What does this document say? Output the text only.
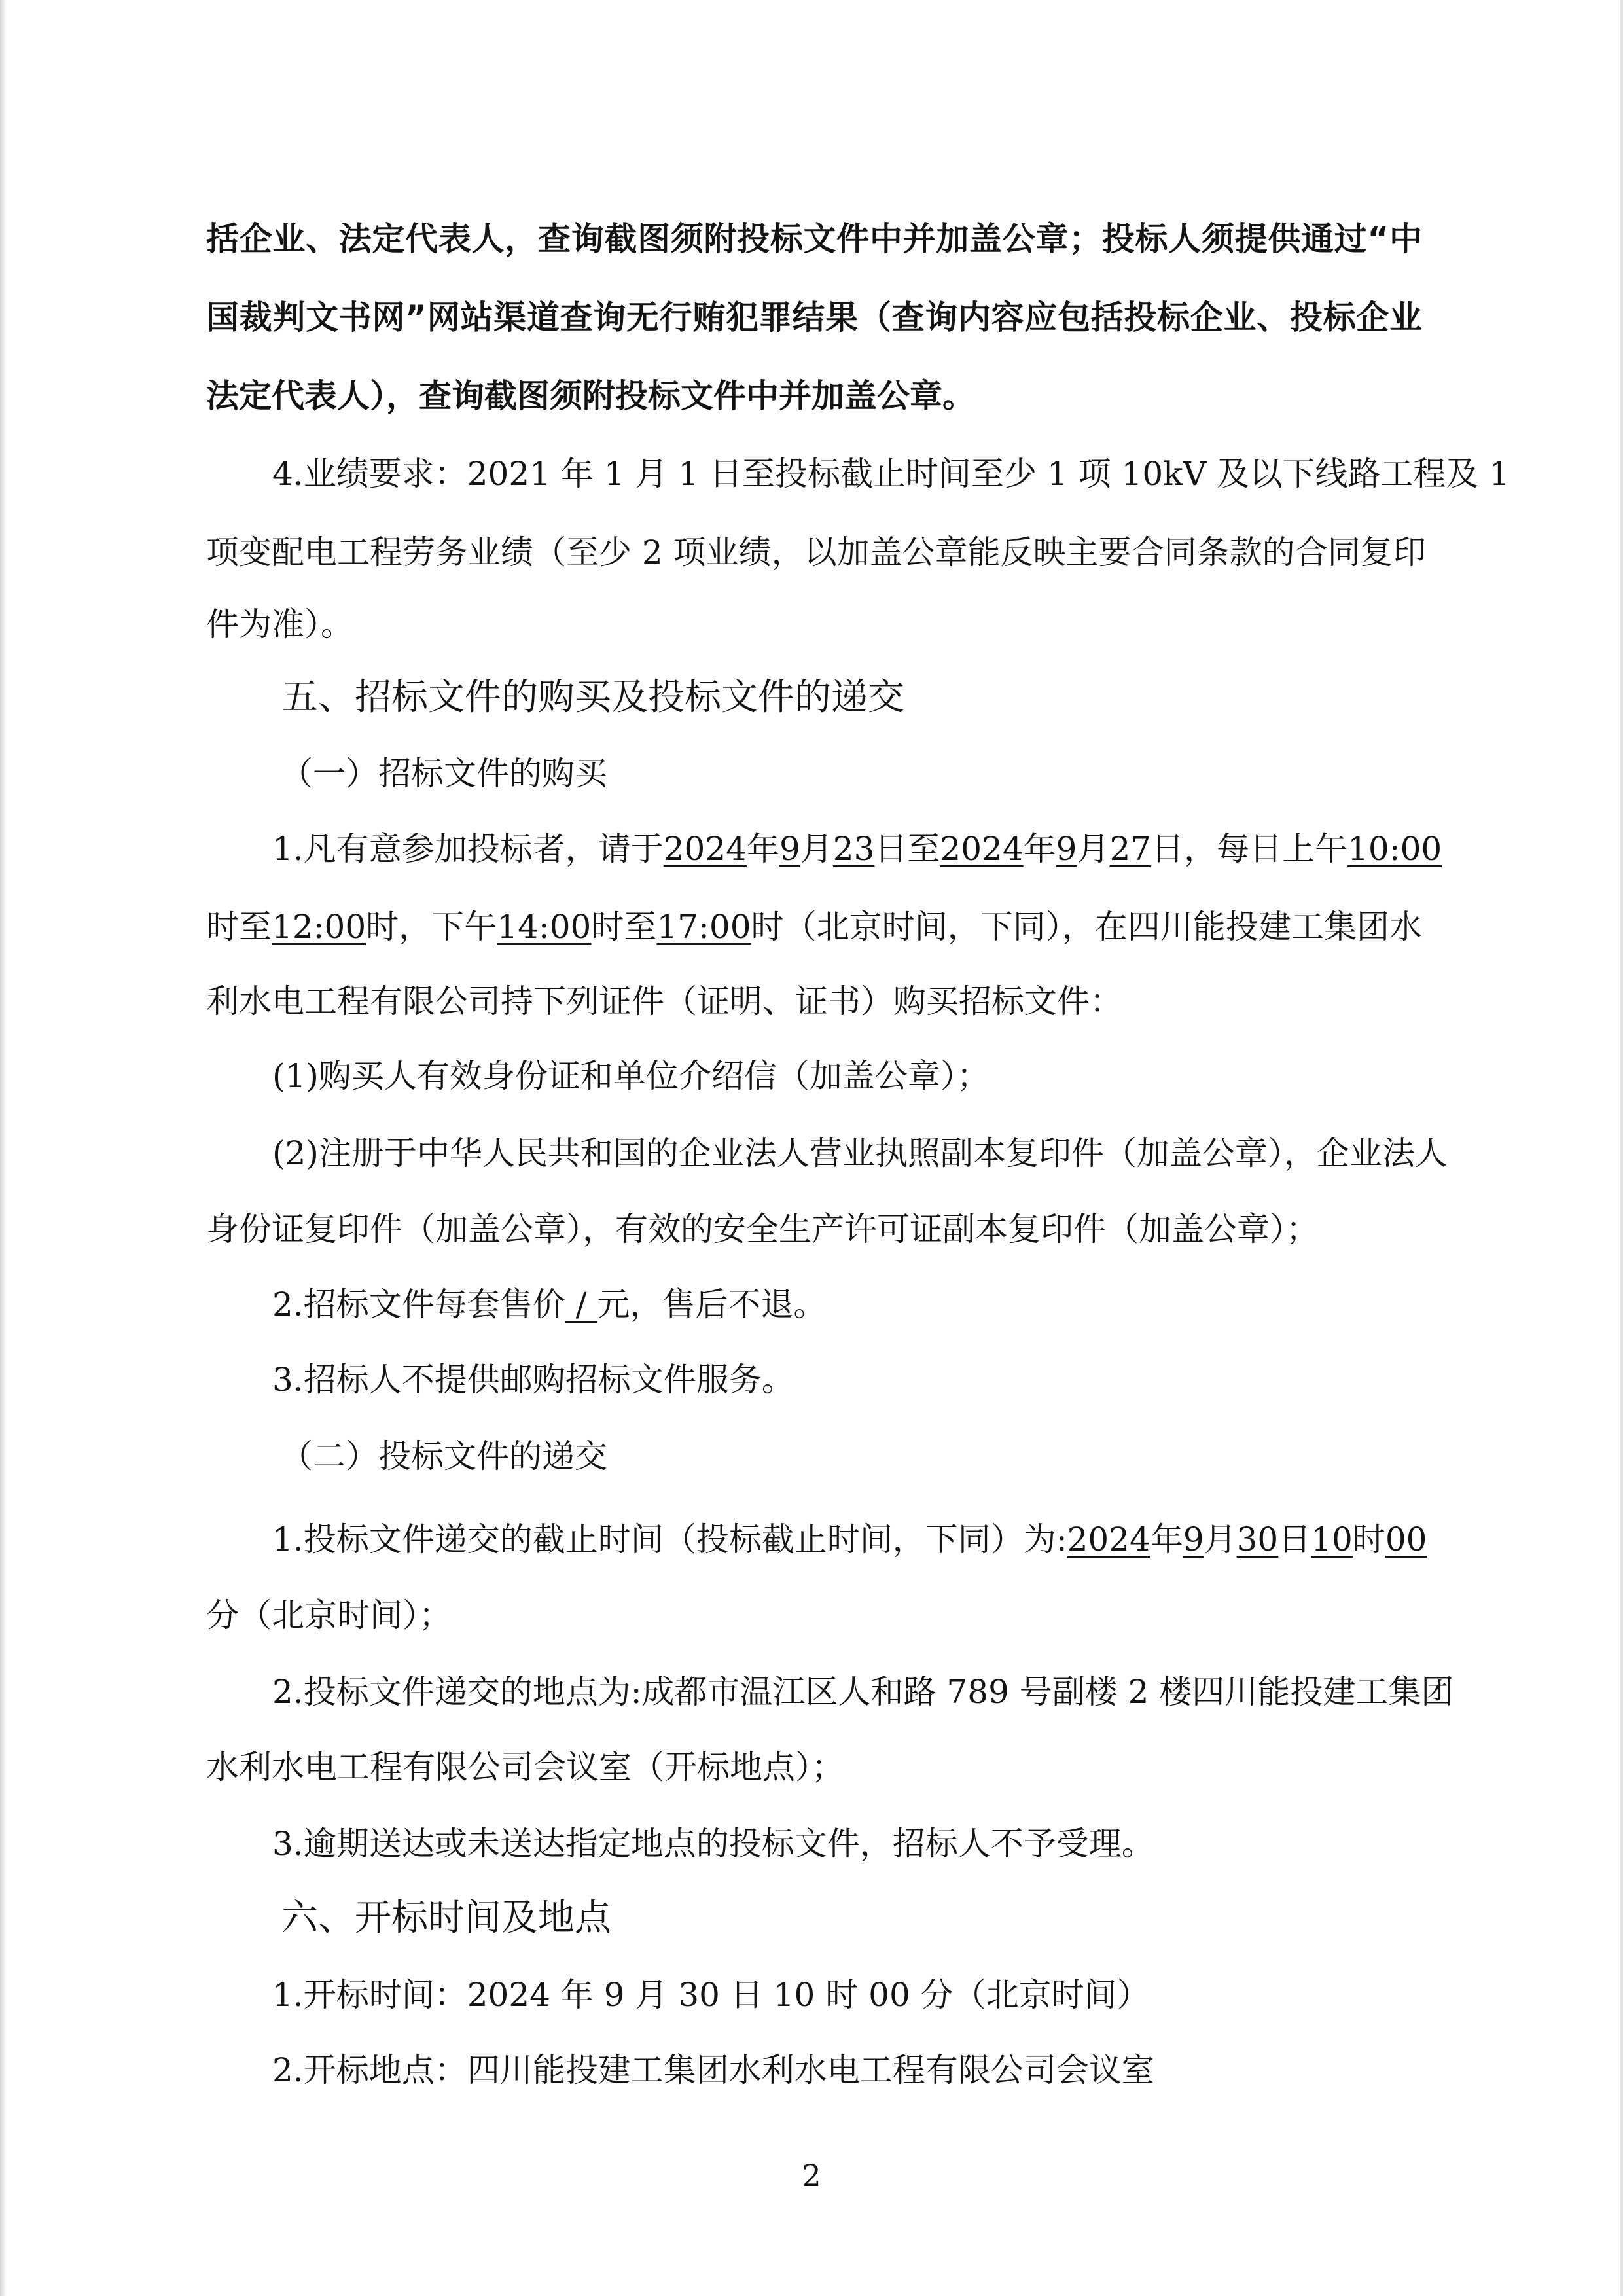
括企业、法定代表人，查询截图须附投标文件中并加盖公章；投标人须提供通过“中

国裁判文书网”网站渠道查询无行贿犯罪结果（查询内容应包括投标企业、投标企业

法定代表人），查询截图须附投标文件中并加盖公章。

4.业绩要求：2021 年 1 月 1 日至投标截止时间至少 1 项 10kV 及以下线路工程及 1

项变配电工程劳务业绩（至少 2 项业绩，以加盖公章能反映主要合同条款的合同复印

件为准）。

五、招标文件的购买及投标文件的递交

（一）招标文件的购买

1.凡有意参加投标者，请于2024年9月23日至2024年9月27日，每日上午10:00

时至12:00时，下午14:00时至17:00时（北京时间，下同），在四川能投建工集团水

利水电工程有限公司持下列证件（证明、证书）购买招标文件：

(1)购买人有效身份证和单位介绍信（加盖公章）；

(2)注册于中华人民共和国的企业法人营业执照副本复印件（加盖公章），企业法人

身份证复印件（加盖公章），有效的安全生产许可证副本复印件（加盖公章）；

2.招标文件每套售价 / 元，售后不退。

3.招标人不提供邮购招标文件服务。

（二）投标文件的递交

1.投标文件递交的截止时间（投标截止时间，下同）为:2024年9月30日10时00

分（北京时间）；

2.投标文件递交的地点为:成都市温江区人和路 789 号副楼 2 楼四川能投建工集团

水利水电工程有限公司会议室（开标地点）；

3.逾期送达或未送达指定地点的投标文件，招标人不予受理。

六、开标时间及地点

1.开标时间：2024 年 9 月 30 日 10 时 00 分（北京时间）

2.开标地点：四川能投建工集团水利水电工程有限公司会议室

2
